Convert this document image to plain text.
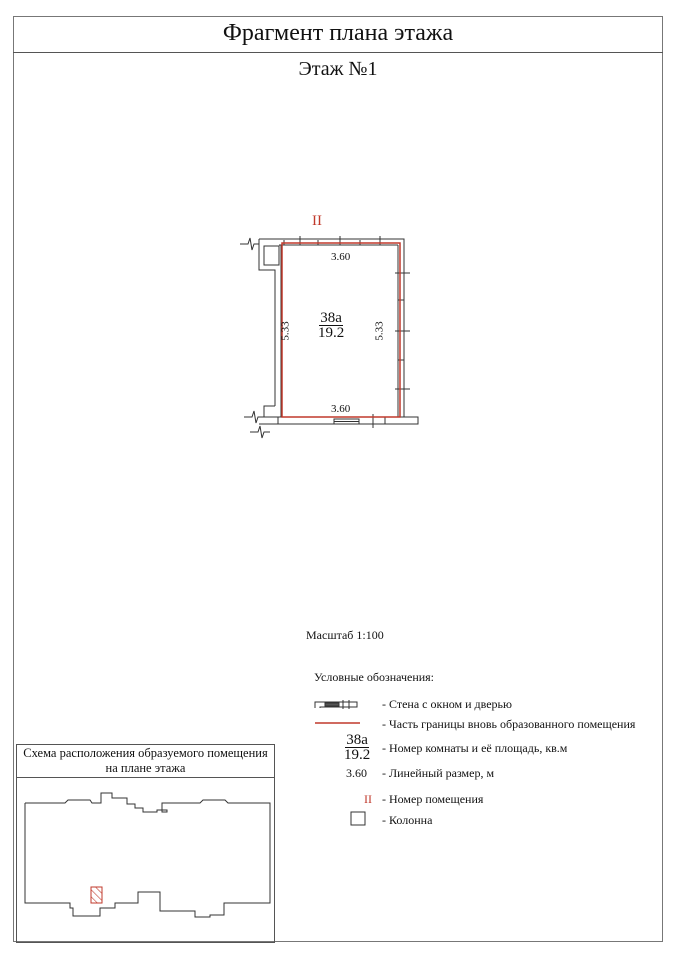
Фрагмент плана этажа
Этаж №1
II
3.60
3.60
5.33	5.33
38а
19.2
Масштаб 1:100
Условные обозначения:
- Стена с окном и дверью
- Часть границы вновь образованного помещения
38а
19.2 - Номер комнаты и её площадь, кв.м
3.60 - Линейный размер, м
II - Номер помещения
- Колонна
Схема расположения образуемого помещения
на плане этажа
